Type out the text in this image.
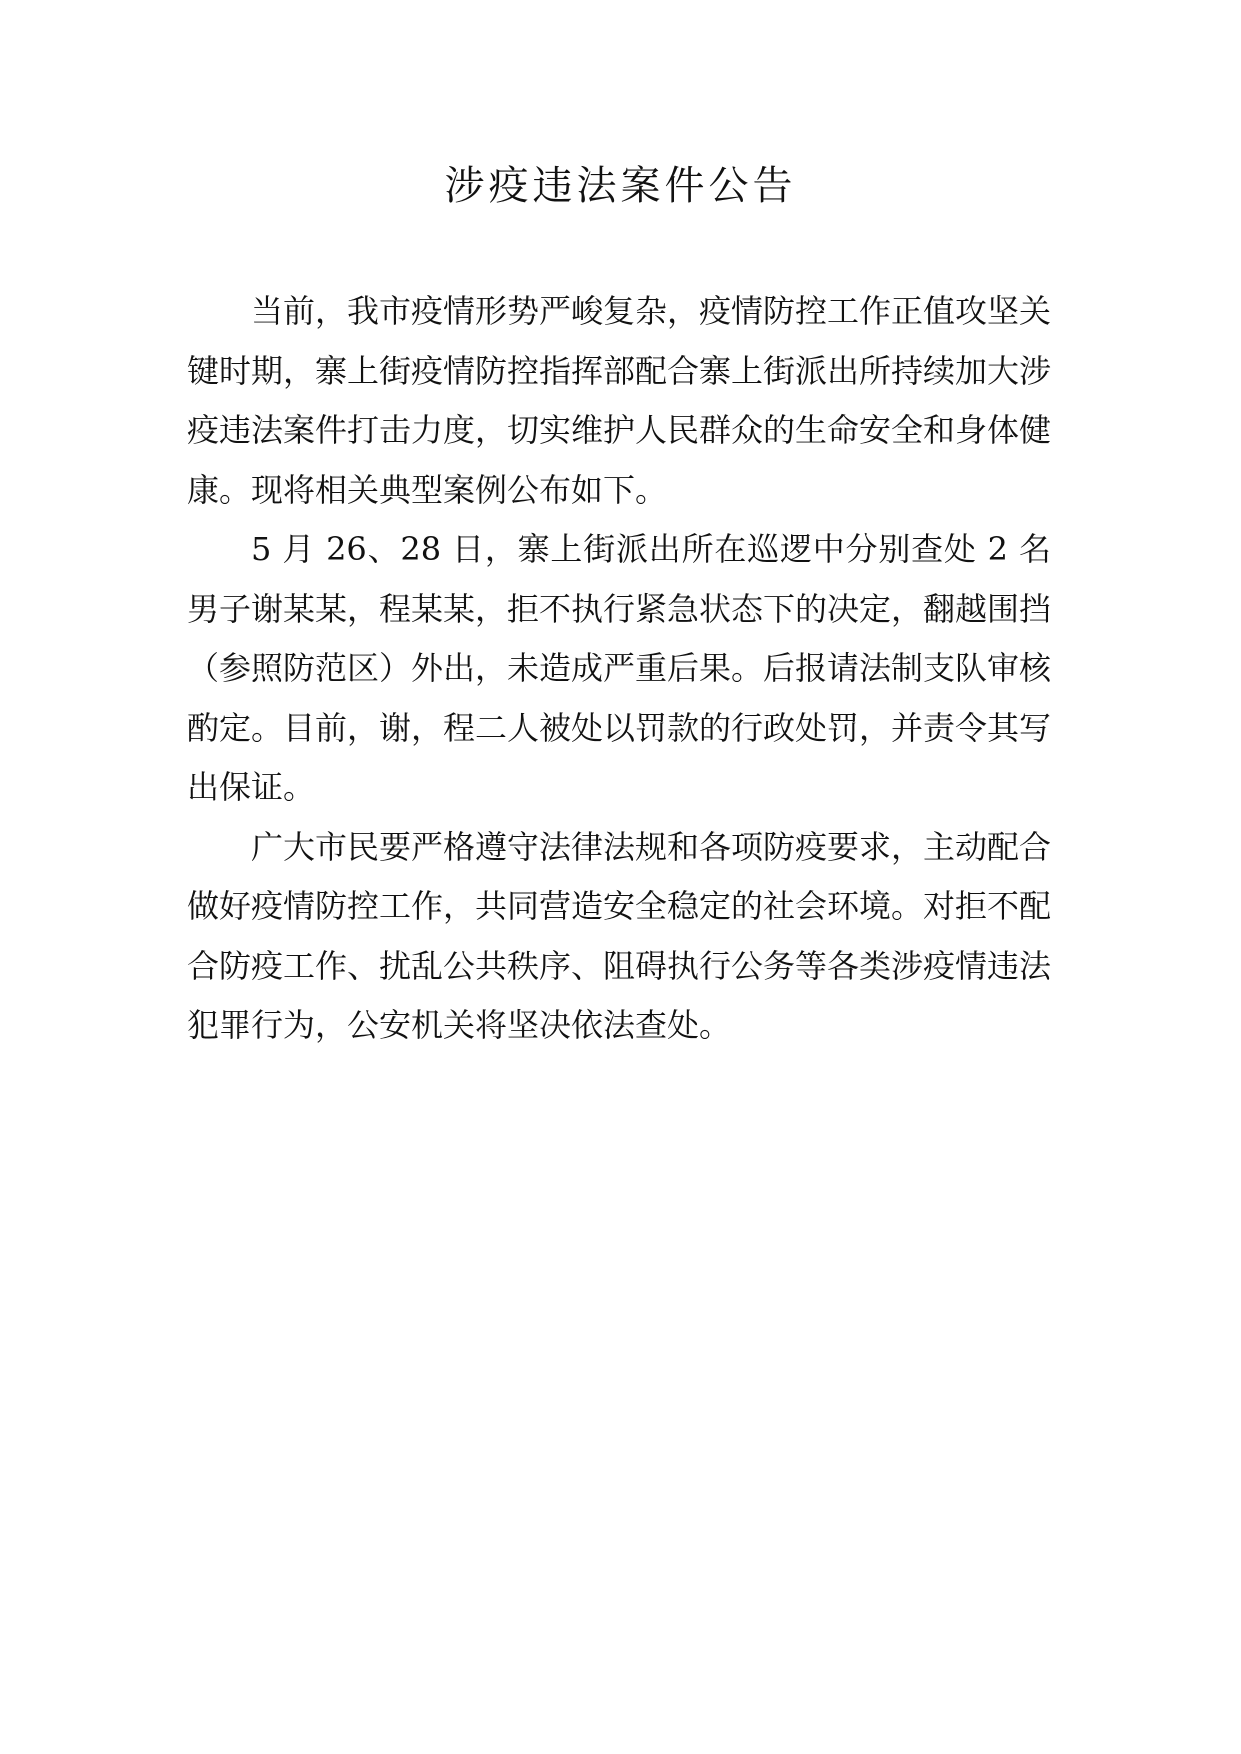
涉疫违法案件公告

当前，我市疫情形势严峻复杂，疫情防控工作正值攻坚关键时期，寨上街疫情防控指挥部配合寨上街派出所持续加大涉疫违法案件打击力度，切实维护人民群众的生命安全和身体健康。现将相关典型案例公布如下。

5 月 26、28 日，寨上街派出所在巡逻中分别查处 2 名男子谢某某，程某某，拒不执行紧急状态下的决定，翻越围挡（参照防范区）外出，未造成严重后果。后报请法制支队审核酌定。目前，谢，程二人被处以罚款的行政处罚，并责令其写出保证。

广大市民要严格遵守法律法规和各项防疫要求，主动配合做好疫情防控工作，共同营造安全稳定的社会环境。对拒不配合防疫工作、扰乱公共秩序、阻碍执行公务等各类涉疫情违法犯罪行为，公安机关将坚决依法查处。
